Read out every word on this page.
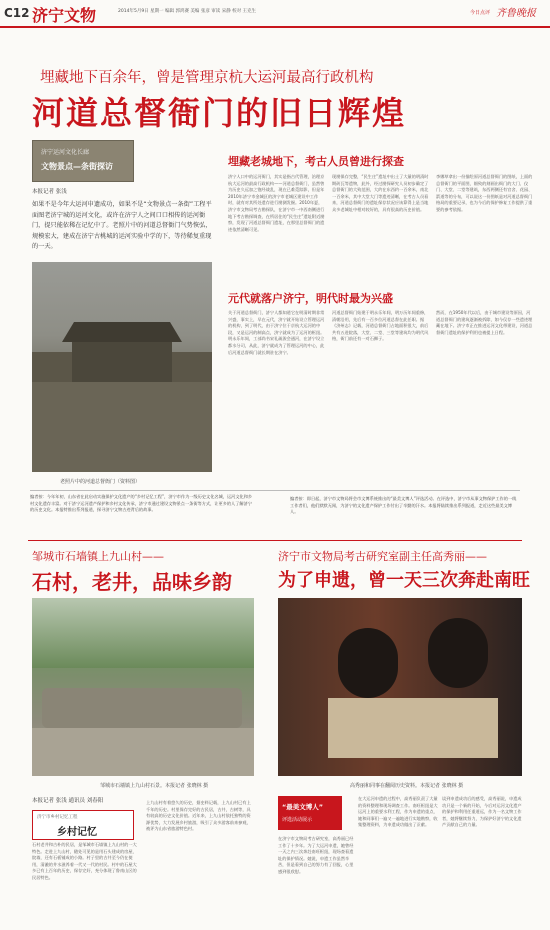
C12 济宁文物	2014年5月9日 星期一 编辑 郭鸿赛 美编 张彦 审读 宋静 校对 王克生	今日点评 齐鲁晚报
埋藏地下百余年，曾是管理京杭大运河最高行政机构
河道总督衙门的旧日辉煌
济宁运河文化长廊
文物景点—条街探访
本报记者 张浅
如果不是今年大运河申遗成功，如果不是“文物景点一条街”工程平面图老济宁城的运河文化，或许在济宁人之间口口相传的运河衙门，提只能依稀在记忆中了。老照片中的河道总督衙门气势恢弘，规模宏大，建成在济宁古桃城的运河实验中学的下，等待稀复重现的一天。
老照片中的河道总督衙门（资料图）
埋藏老城地下，考古人员曾进行探查
济宁人口中的运河衙门，其实是指古代管理，治理京杭大运河的最高行政机构——河道总督衙门，虽然曾为历史久远加之饱经战乱，现在已难觅踪影，但是年2010年济宁市金城区的济宁市老城区建设中工作时，就有对其所处遗存进行勘测发掘。2010年夏，济宁市文物局考古勘探队，在济宁市一中西南侧进行地下考古勘探调查，在所居住的“民生庄”遗址附近勘察，发现了河道总督衙门遗址，在那里总督衙门的遗迹依然清晰可见。
现勘保存完整，“民生庄”遗址中出土了大量的明清时期砖瓦等遗物，此外，经过勘探研究人员初步确定了总督衙门的大致范围，大约在东西约一百余米，南北一百余米，其中大堂大门等遗迹清晰，在考古人员看来，河道总督衙门的遗址保存状况应该算得上是当地众多老城址中相对较好的，具有很高的历史价值。
李娜草拿出一份描绘原河道总督衙门的图纸，上面的总督衙门的平面图，细致的刻画出衙门的大门、仪门、大堂、二堂等建筑，东西两侧还有官舍、花园、箭道等的分布，可以说这一份图纸是对河道总督衙门格局的重要记录，也为今后的保护修复工作提供了重要的参考依据。
元代就落户济宁，明代时最为兴盛
关于河道总督衙门，济宁人都知道它在明清时期非常兴盛，事实上，早在元代，济宁就开始设立管理运河的机构，到了明代，由于济宁位于京杭大运河的中段，又是运河的制高点，济宁就成为了运河的枢纽。明永乐年间，工部尚书宋礼疏浚会通河，在济宁设立都水分司，从此，济宁就成为了管理运河的中心，此后河道总督衙门就长期驻在济宁。
河道总督衙门始建于明永乐年间，明万历年间重修，清朝沿用，先后有一百多位河道总督在此任职。据《济州志》记载，河道总督衙门占地面积很大，前后共有五进院落，大堂、二堂、三堂等建筑均为明代风格，衙门前还有一对石狮子。
然而，在1950年代以后，由于城市建设等原因，河道总督衙门的建筑逐渐被拆除，如今仅存一些遗迹埋藏在地下。济宁市正在推进运河文化带建设，河道总督衙门遗址的保护利用也被提上日程。
编者按：今年年初，山东省在此启动实施保护文化遗产的“乡村记忆工程”，济宁市作为一级历史文化名城，运河文化和乡村文化遗存丰富。对于济宁运河遗产保护和乡村文化传承，济宁市通过建设文物景点一条街等方式，让更多的人了解济宁的历史文化。本报特推出系列报道，探寻济宁文物古迹背后的故事。
编者按：即日起，济宁市文物局将会市文博系统推出的“最美文博人”评选活动。在评选中，济宁市从事文物保护工作的一线工作者们，他们默默无闻，为济宁的文化遗产保护工作付出了辛勤的汗水。本报将陆续推出系列报道，走近这些最美文博人。
邹城市石墙镇上九山村——
石村，老井，品味乡韵
邹城市石墙镇上九山村石景。本报记者 张晓林 摄
本报记者 张浅 通讯员 刘春阳
济宁市乡村记忆工程
乡村记忆
石村老井和古朴的民居，是邹城市石墙镇上九山村的一大特色。走进上九山村，随处可见的是用石头建成的房屋、院墙，还有石板铺成的小路。村子里的古井至今仍在使用，清澈的井水滋养着一代又一代的村民。村中的石屋大多已有上百年的历史，保存完好，充分体现了鲁南山区的民居特色。
上九山村有着悠久的历史，据史料记载，上九山村已有上千年的历史。村里保存完好的古民居，古井，古树等，具有较高的历史文化价值。近年来，上九山村依托独特的资源优势，大力发展乡村旅游，吸引了众多游客前来参观，被评为山东省旅游特色村。
济宁市文物局考古研究室副主任高秀丽——
为了申遗，曾一天三次奔赴南旺
高秀丽和同事在翻阅历史资料。本报记者 张晓林 摄
“最美文博人”
评选活动展示
在济宁市文物局考古研究室，高秀丽已经工作了十多年。为了大运河申遗，她曾经一天之内三次奔赴南旺枢纽，现场查看遗址的保护情况。她说，申遗工作虽然辛苦，但是看到自己的努力有了回报，心里感到很欣慰。
在大运河申遗的过程中，高秀丽负责了大量的资料整理和现场调查工作。南旺枢纽是大运河上的重要水利工程，作为申遗的重点，她和同事们一遍又一遍地进行实地勘察，收集整理资料，为申遗成功做出了贡献。
谈到申遗成功后的感受，高秀丽说，申遗成功只是一个新的开始，今后对运河文化遗产的保护和利用任重道远，作为一名文物工作者，她将继续努力，为保护好济宁的文化遗产贡献自己的力量。
